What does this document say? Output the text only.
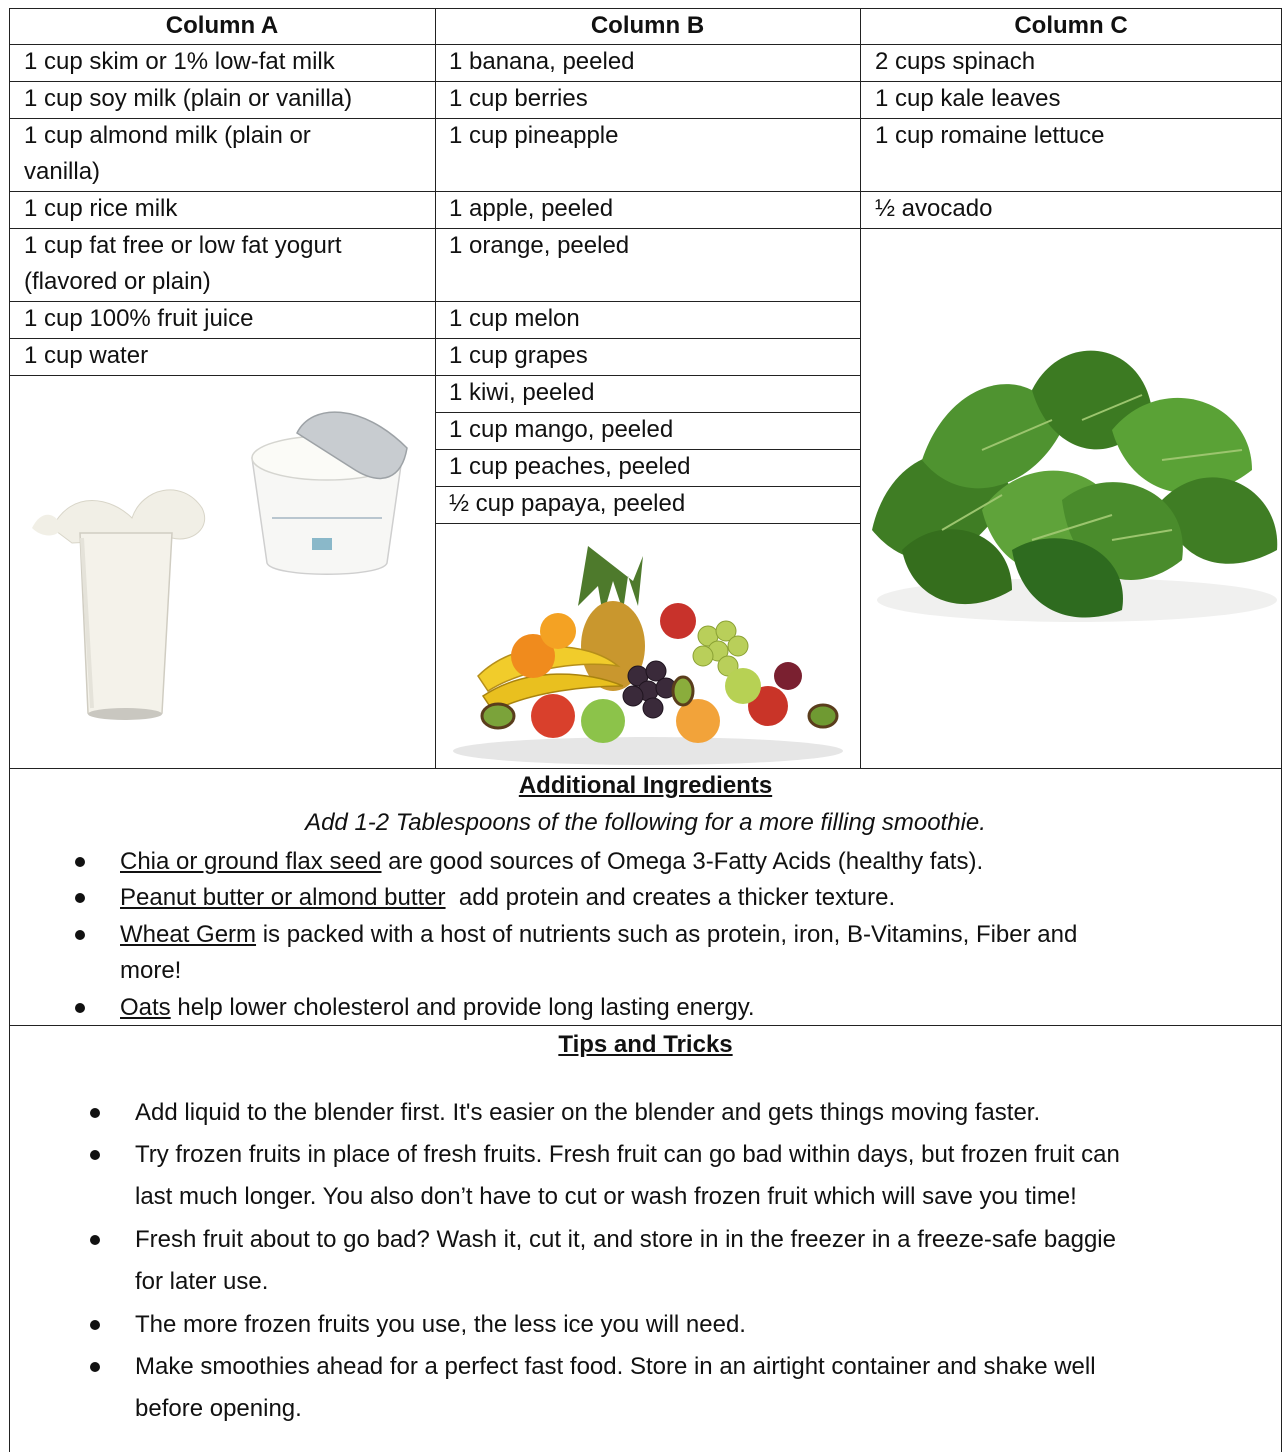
Column A	Column B	Column C
1 cup skim or 1% low-fat milk
1 cup soy milk (plain or vanilla)
1 cup almond milk (plain or
vanilla)
1 cup rice milk
1 cup fat free or low fat yogurt
(flavored or plain)
1 cup 100% fruit juice
1 cup water
1 banana, peeled
1 cup berries
1 cup pineapple
1 apple, peeled
1 orange, peeled
1 cup melon
1 cup grapes
1 kiwi, peeled
1 cup mango, peeled
1 cup peaches, peeled
½ cup papaya, peeled
2 cups spinach
1 cup kale leaves
1 cup romaine lettuce
½ avocado
Additional Ingredients
Add 1-2 Tablespoons of the following for a more filling smoothie.
Chia or ground flax seed are good sources of Omega 3-Fatty Acids (healthy fats).
Peanut butter or almond butter  add protein and creates a thicker texture.
Wheat Germ is packed with a host of nutrients such as protein, iron, B-Vitamins, Fiber and
more!
Oats help lower cholesterol and provide long lasting energy.
Tips and Tricks
Add liquid to the blender first. It's easier on the blender and gets things moving faster.
Try frozen fruits in place of fresh fruits. Fresh fruit can go bad within days, but frozen fruit can
last much longer. You also don’t have to cut or wash frozen fruit which will save you time!
Fresh fruit about to go bad? Wash it, cut it, and store in in the freezer in a freeze-safe baggie
for later use.
The more frozen fruits you use, the less ice you will need.
Make smoothies ahead for a perfect fast food. Store in an airtight container and shake well
before opening.
